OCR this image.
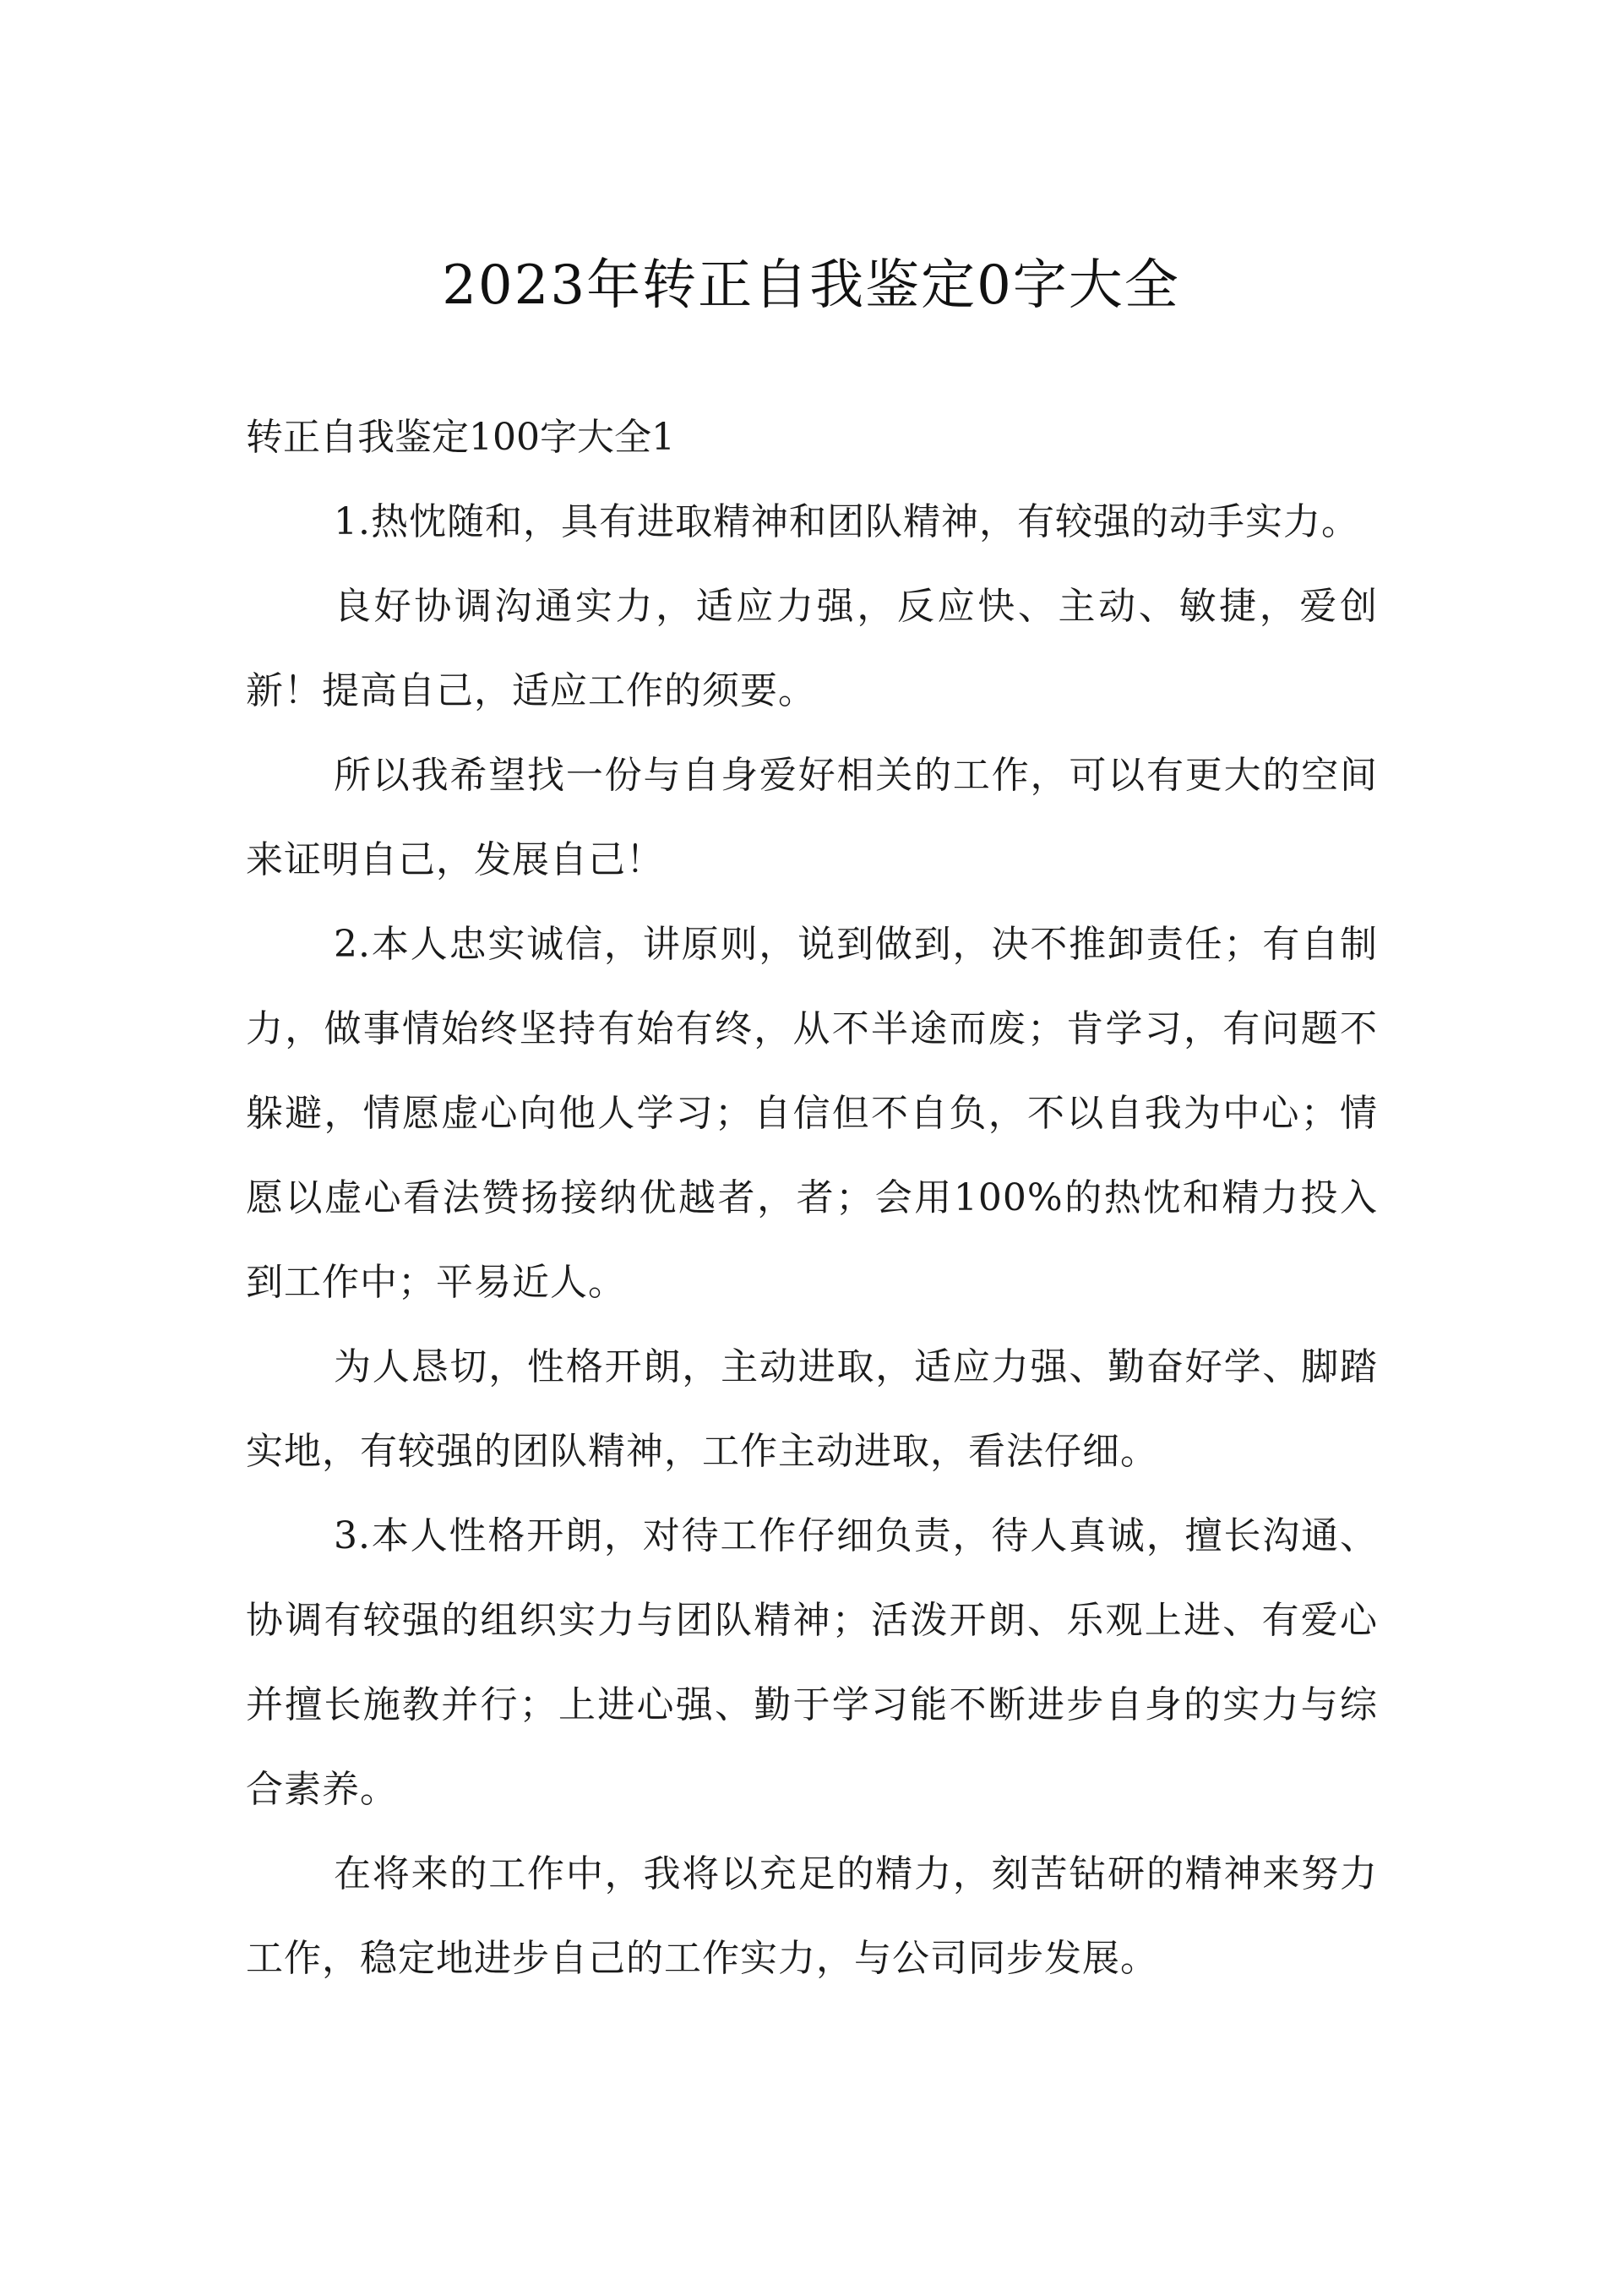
2023年转正自我鉴定0字大全

转正自我鉴定100字大全1

1.热忱随和，具有进取精神和团队精神，有较强的动手实力。

良好协调沟通实力，适应力强，反应快、主动、敏捷，爱创新！提高自己，适应工作的须要。

所以我希望找一份与自身爱好相关的工作，可以有更大的空间来证明自己，发展自己！

2.本人忠实诚信，讲原则，说到做到，决不推卸责任；有自制力，做事情始终坚持有始有终，从不半途而废；肯学习，有问题不躲避，情愿虚心向他人学习；自信但不自负，不以自我为中心；情愿以虚心看法赞扬接纳优越者，者；会用100%的热忱和精力投入到工作中；平易近人。

为人恳切，性格开朗，主动进取，适应力强、勤奋好学、脚踏实地，有较强的团队精神，工作主动进取，看法仔细。

3.本人性格开朗，对待工作仔细负责，待人真诚，擅长沟通、协调有较强的组织实力与团队精神；活泼开朗、乐观上进、有爱心并擅长施教并行；上进心强、勤于学习能不断进步自身的实力与综合素养。

在将来的工作中，我将以充足的精力，刻苦钻研的精神来努力工作，稳定地进步自己的工作实力，与公司同步发展。
